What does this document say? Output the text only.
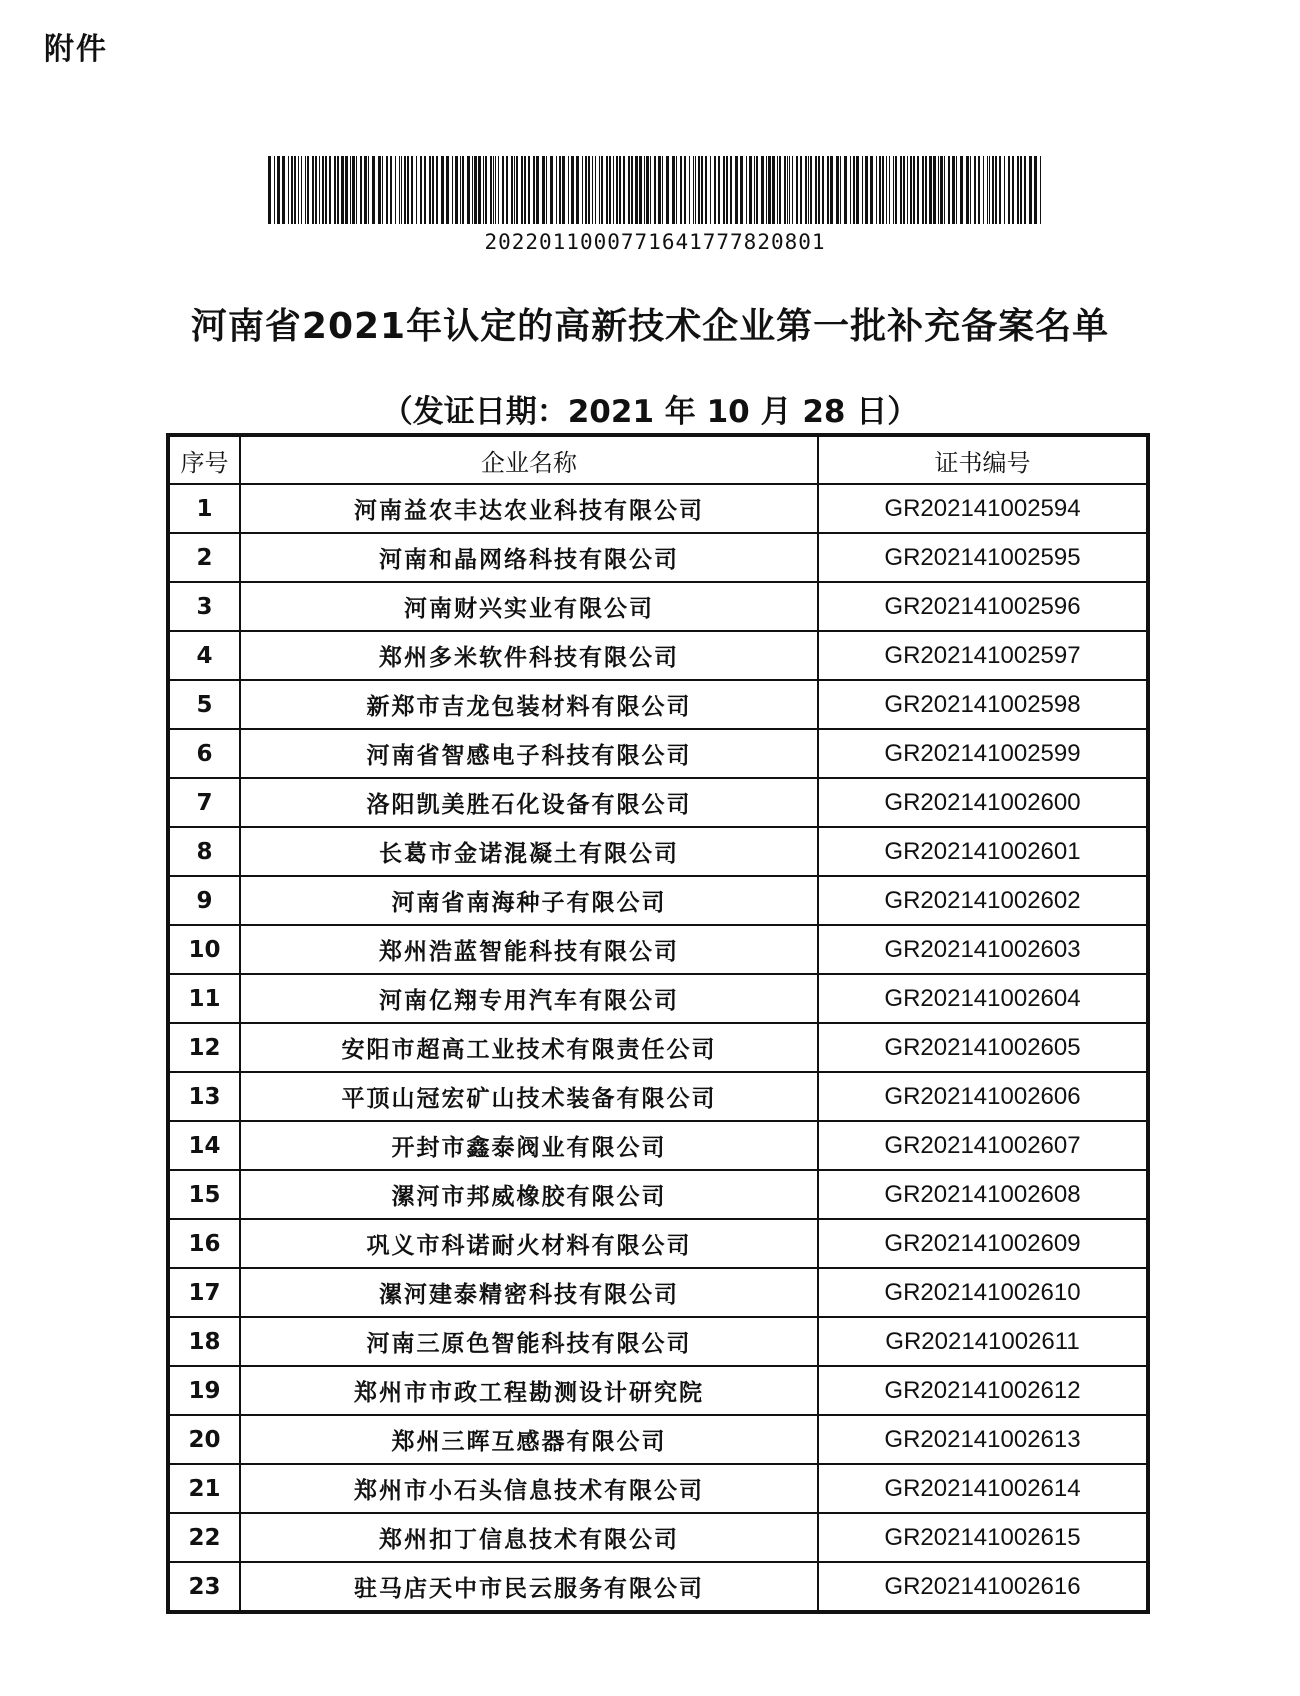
附件
20220110007716417778208​01
河南省2021年认定的高新技术企业第一批补充备案名单
（发证日期：2021 年 10 月 28 日）
序号	企业名称	证书编号
1	河南益农丰达农业科技有限公司	GR202141002594
2	河南和晶网络科技有限公司	GR202141002595
3	河南财兴实业有限公司	GR202141002596
4	郑州多米软件科技有限公司	GR202141002597
5	新郑市吉龙包装材料有限公司	GR202141002598
6	河南省智感电子科技有限公司	GR202141002599
7	洛阳凯美胜石化设备有限公司	GR202141002600
8	长葛市金诺混凝土有限公司	GR202141002601
9	河南省南海种子有限公司	GR202141002602
10	郑州浩蓝智能科技有限公司	GR202141002603
11	河南亿翔专用汽车有限公司	GR202141002604
12	安阳市超高工业技术有限责任公司	GR202141002605
13	平顶山冠宏矿山技术装备有限公司	GR202141002606
14	开封市鑫泰阀业有限公司	GR202141002607
15	漯河市邦威橡胶有限公司	GR202141002608
16	巩义市科诺耐火材料有限公司	GR202141002609
17	漯河建泰精密科技有限公司	GR202141002610
18	河南三原色智能科技有限公司	GR202141002611
19	郑州市市政工程勘测设计研究院	GR202141002612
20	郑州三晖互感器有限公司	GR202141002613
21	郑州市小石头信息技术有限公司	GR202141002614
22	郑州扣丁信息技术有限公司	GR202141002615
23	驻马店天中市民云服务有限公司	GR202141002616
